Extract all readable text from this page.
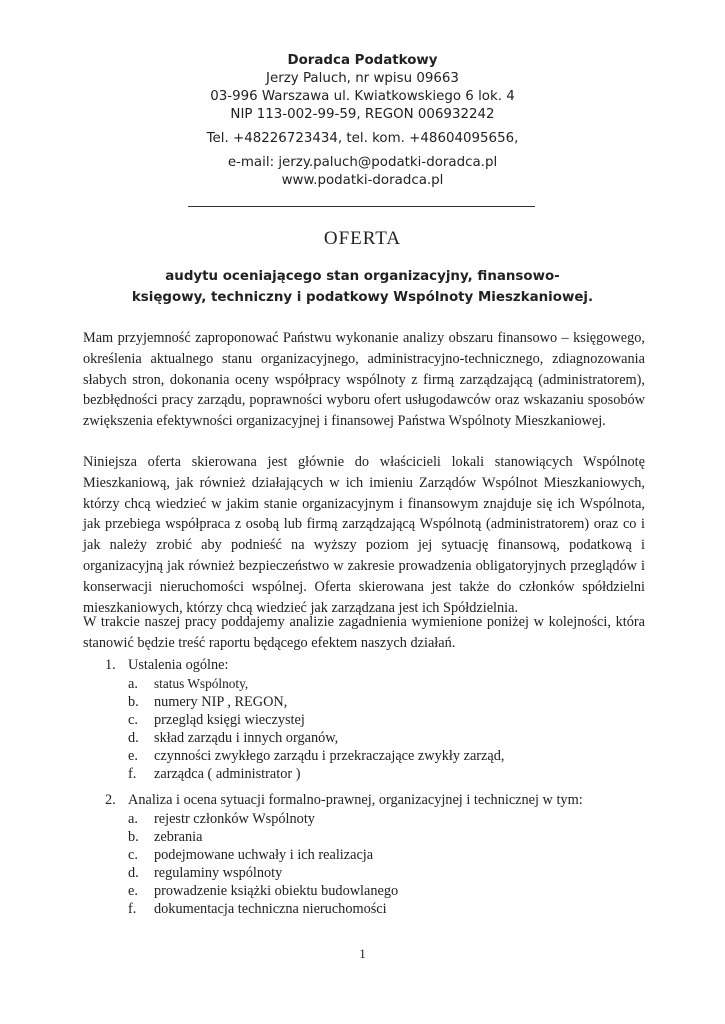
Doradca Podatkowy
Jerzy Paluch, nr wpisu 09663
03-996 Warszawa ul. Kwiatkowskiego 6 lok. 4
NIP 113-002-99-59, REGON 006932242
Tel. +48226723434, tel. kom. +48604095656,
e-mail: jerzy.paluch@podatki-doradca.pl
www.podatki-doradca.pl
OFERTA
audytu oceniającego stan organizacyjny, finansowo-
księgowy, techniczny i podatkowy Wspólnoty Mieszkaniowej.

Mam przyjemność zaproponować Państwu wykonanie analizy obszaru finansowo – księgowego, określenia aktualnego stanu organizacyjnego, administracyjno-technicznego, zdiagnozowania słabych stron, dokonania oceny współpracy wspólnoty z firmą zarządzającą (administratorem), bezbłędności pracy zarządu, poprawności wyboru ofert usługodawców oraz wskazaniu sposobów zwiększenia efektywności organizacyjnej i finansowej Państwa Wspólnoty Mieszkaniowej.

Niniejsza oferta skierowana jest głównie do właścicieli lokali stanowiących Wspólnotę Mieszkaniową, jak również działających w ich imieniu Zarządów Wspólnot Mieszkaniowych, którzy chcą wiedzieć w jakim stanie organizacyjnym i finansowym znajduje się ich Wspólnota, jak przebiega współpraca z osobą lub firmą zarządzającą Wspólnotą (administratorem) oraz co i jak należy zrobić aby podnieść na wyższy poziom jej sytuację finansową, podatkową i organizacyjną jak również bezpieczeństwo w zakresie prowadzenia obligatoryjnych przeglądów i konserwacji nieruchomości wspólnej. Oferta skierowana jest także do członków spółdzielni mieszkaniowych, którzy chcą wiedzieć jak zarządzana jest ich Spółdzielnia.

W trakcie naszej pracy poddajemy analizie zagadnienia wymienione poniżej w kolejności, która stanowić będzie treść raportu będącego efektem naszych działań.

1. Ustalenia ogólne:
a. status Wspólnoty,
b. numery NIP , REGON,
c. przegląd księgi wieczystej
d. skład zarządu i innych organów,
e. czynności zwykłego zarządu i przekraczające zwykły zarząd,
f. zarządca ( administrator )
2. Analiza i ocena sytuacji formalno-prawnej, organizacyjnej i technicznej w tym:
a. rejestr członków Wspólnoty
b. zebrania
c. podejmowane uchwały i ich realizacja
d. regulaminy wspólnoty
e. prowadzenie książki obiektu budowlanego
f. dokumentacja techniczna nieruchomości
1
